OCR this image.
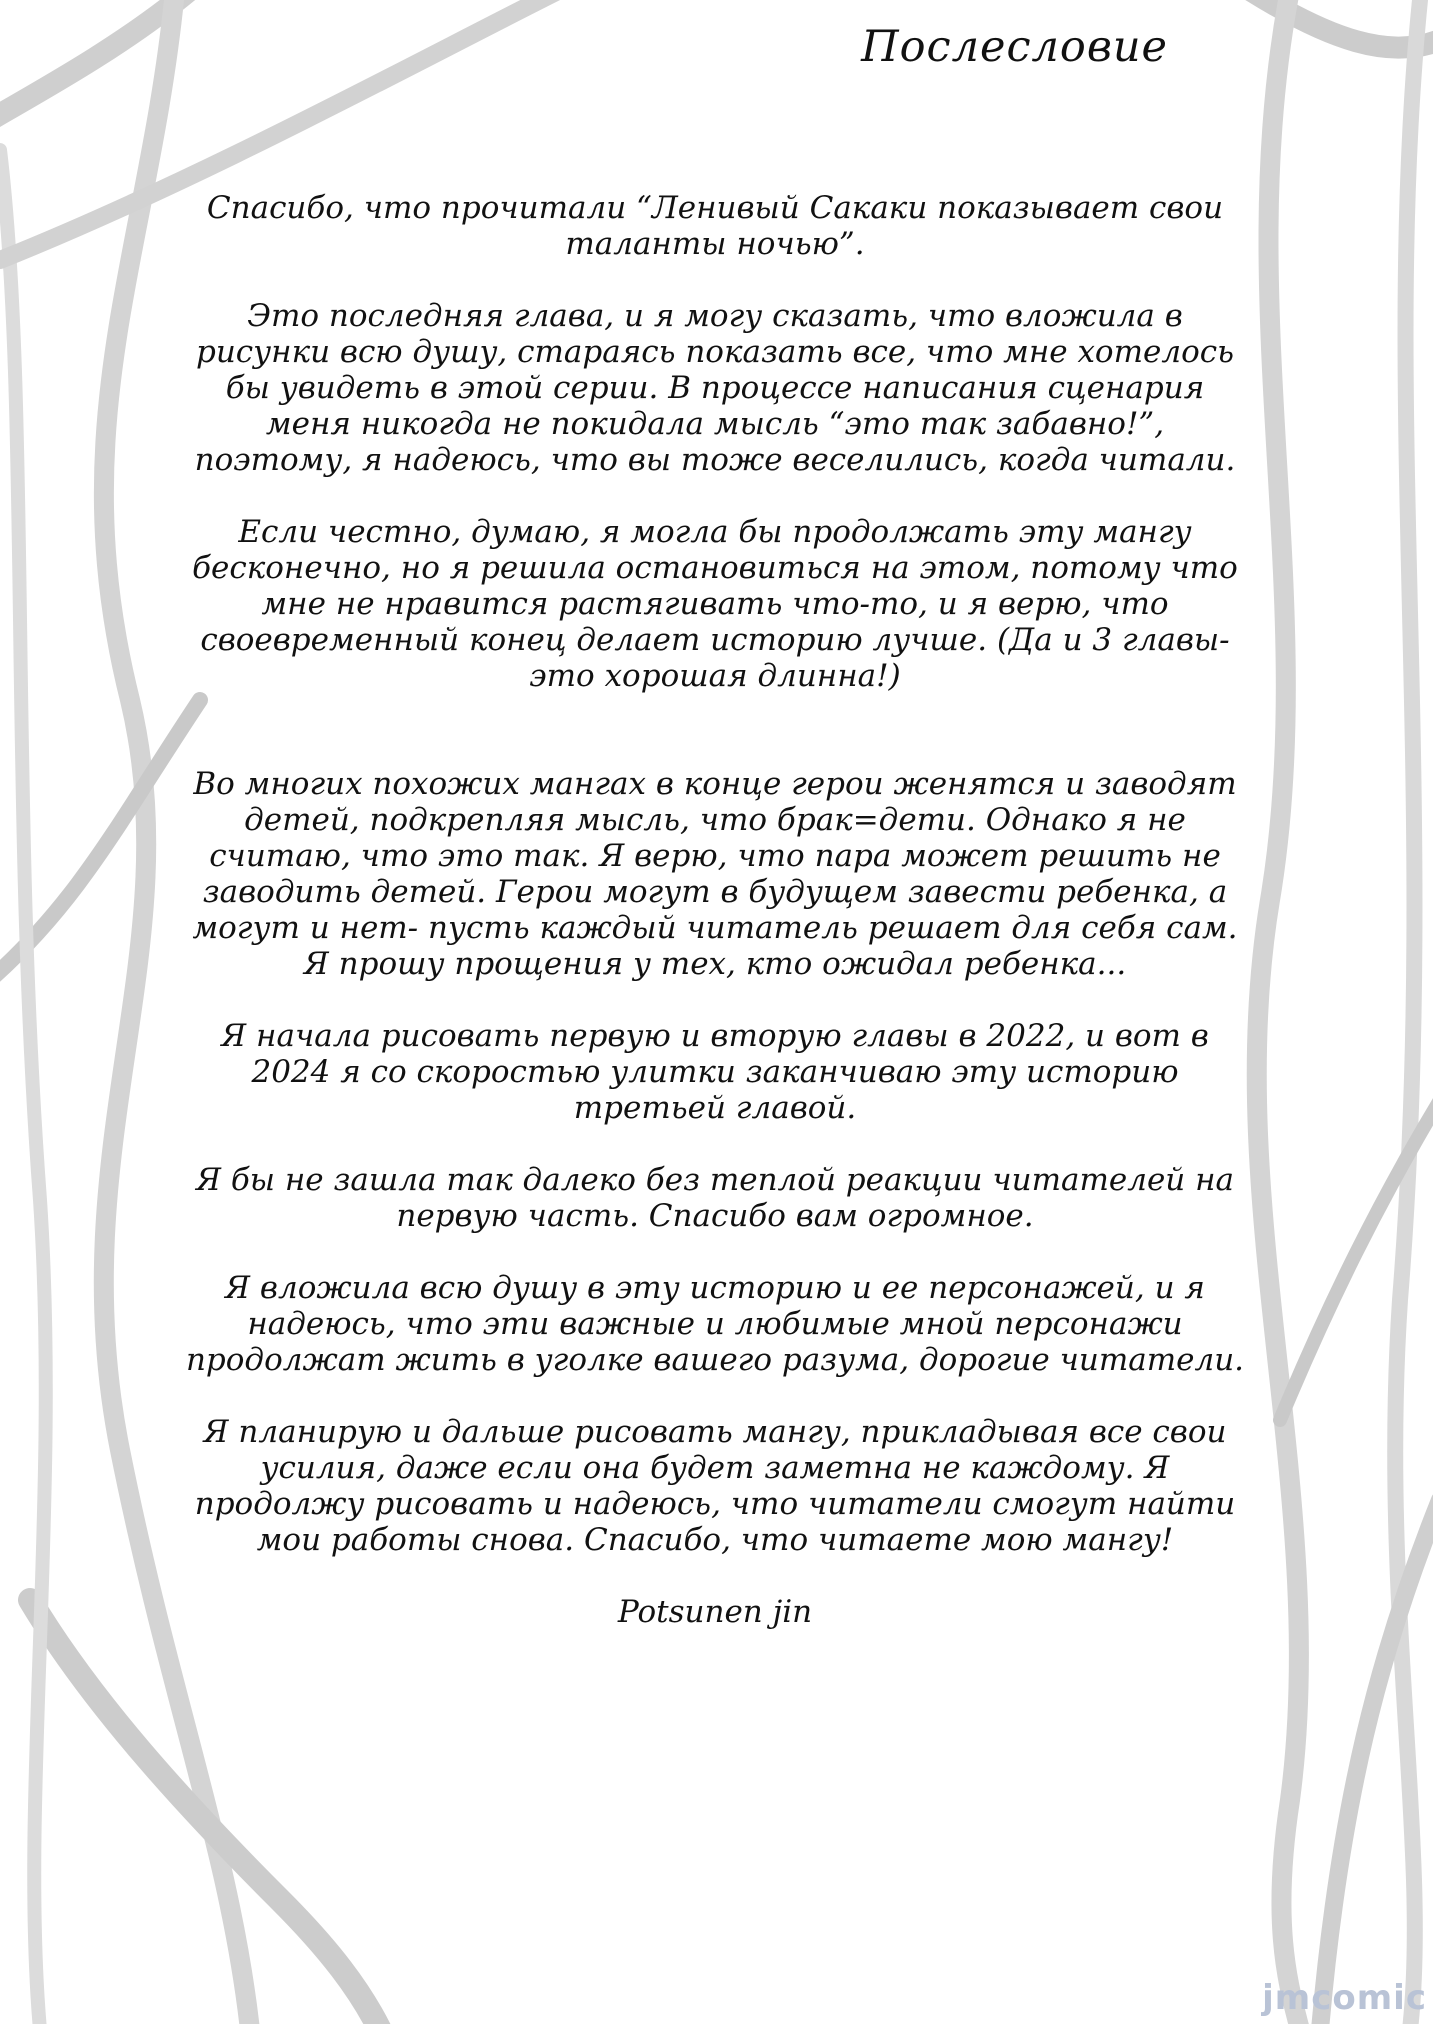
Послесловие

Спасибо, что прочитали “Ленивый Сакаки показывает свои таланты ночью”.

Это последняя глава, и я могу сказать, что вложила в рисунки всю душу, стараясь показать все, что мне хотелось бы увидеть в этой серии. В процессе написания сценария меня никогда не покидала мысль “это так забавно!”, поэтому, я надеюсь, что вы тоже веселились, когда читали.

Если честно, думаю, я могла бы продолжать эту мангу бесконечно, но я решила остановиться на этом, потому что мне не нравится растягивать что-то, и я верю, что своевременный конец делает историю лучше. (Да и 3 главы- это хорошая длинна!)

Во многих похожих мангах в конце герои женятся и заводят детей, подкрепляя мысль, что брак=дети. Однако я не считаю, что это так. Я верю, что пара может решить не заводить детей. Герои могут в будущем завести ребенка, а могут и нет- пусть каждый читатель решает для себя сам. Я прошу прощения у тех, кто ожидал ребенка...

Я начала рисовать первую и вторую главы в 2022, и вот в 2024 я со скоростью улитки заканчиваю эту историю третьей главой.

Я бы не зашла так далеко без теплой реакции читателей на первую часть. Спасибо вам огромное.

Я вложила всю душу в эту историю и ее персонажей, и я надеюсь, что эти важные и любимые мной персонажи продолжат жить в уголке вашего разума, дорогие читатели.

Я планирую и дальше рисовать мангу, прикладывая все свои усилия, даже если она будет заметна не каждому. Я продолжу рисовать и надеюсь, что читатели смогут найти мои работы снова. Спасибо, что читаете мою мангу!

Potsunen jin

jmcomic
